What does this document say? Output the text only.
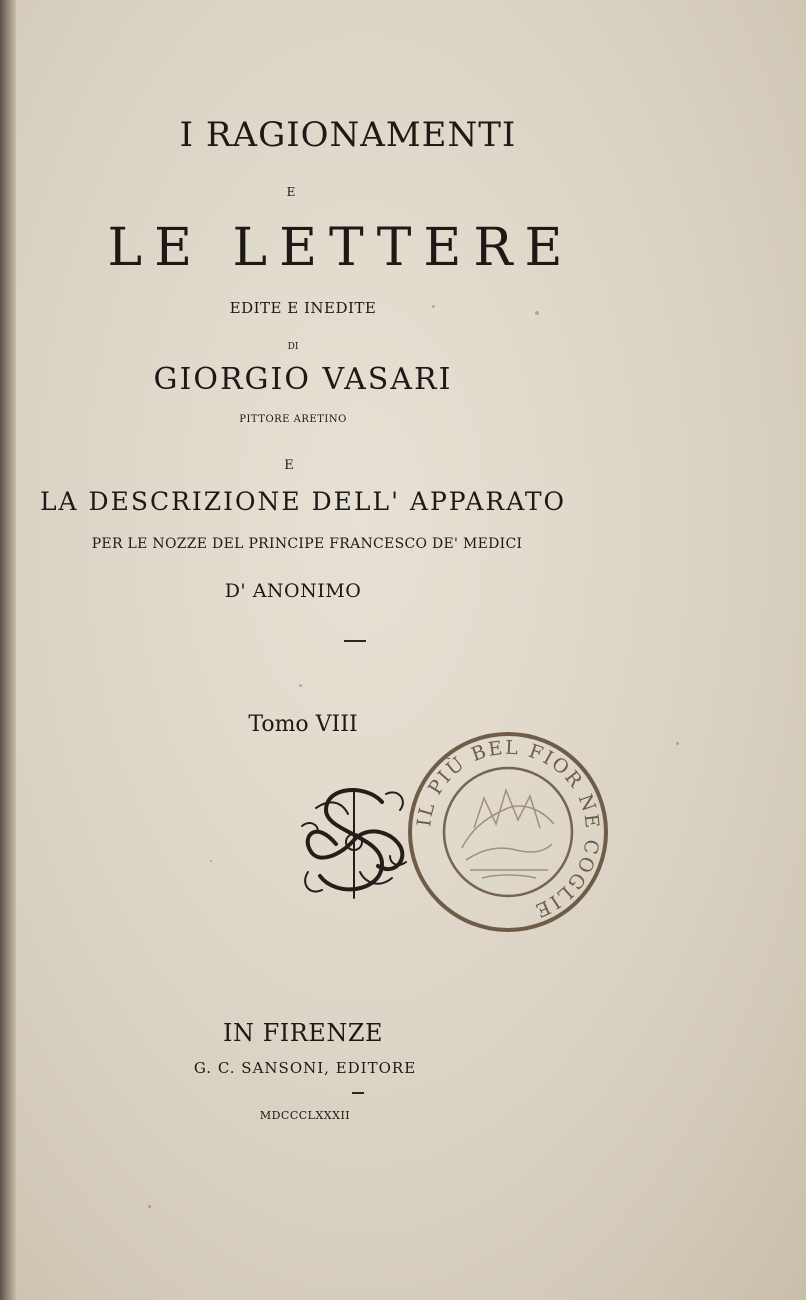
I RAGIONAMENTI
E
LE LETTERE
EDITE E INEDITE
DI
GIORGIO VASARI
PITTORE ARETINO
E
LA DESCRIZIONE DELL' APPARATO
PER LE NOZZE DEL PRINCIPE FRANCESCO DE' MEDICI
D' ANONIMO
Tomo VIII
IL PIÙ BEL FIOR NE COGLIE
IN FIRENZE
G. C. SANSONI, EDITORE
MDCCCLXXXII
